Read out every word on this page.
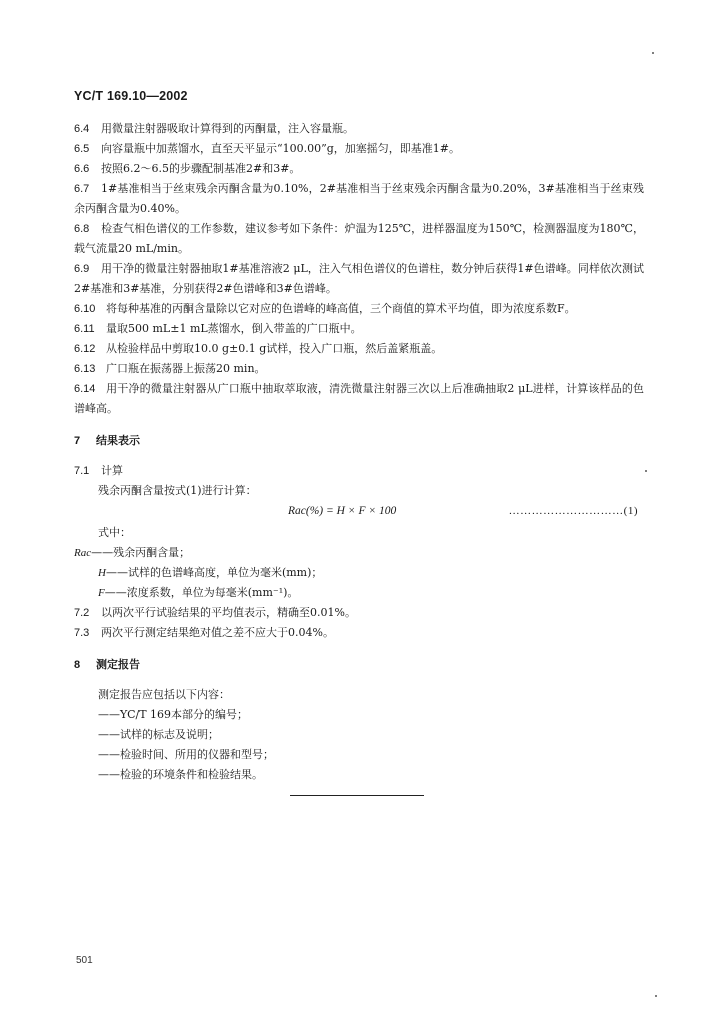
YC/T 169.10—2002

6.4 用微量注射器吸取计算得到的丙酮量，注入容量瓶。

6.5 向容量瓶中加蒸馏水，直至天平显示“100.00”g，加塞摇匀，即基准1#。

6.6 按照6.2～6.5的步骤配制基准2#和3#。

6.7 1#基准相当于丝束残余丙酮含量为0.10%，2#基准相当于丝束残余丙酮含量为0.20%，3#基准相当于丝束残余丙酮含量为0.40%。

6.8 检查气相色谱仪的工作参数，建议参考如下条件：炉温为125℃，进样器温度为150℃，检测器温度为180℃，载气流量20 mL/min。

6.9 用干净的微量注射器抽取1#基准溶液2 μL，注入气相色谱仪的色谱柱，数分钟后获得1#色谱峰。同样依次测试2#基准和3#基准，分别获得2#色谱峰和3#色谱峰。

6.10 将每种基准的丙酮含量除以它对应的色谱峰的峰高值，三个商值的算术平均值，即为浓度系数F。

6.11 量取500 mL±1 mL蒸馏水，倒入带盖的广口瓶中。

6.12 从检验样品中剪取10.0 g±0.1 g试样，投入广口瓶，然后盖紧瓶盖。

6.13 广口瓶在振荡器上振荡20 min。

6.14 用干净的微量注射器从广口瓶中抽取萃取液，清洗微量注射器三次以上后准确抽取2 μL进样，计算该样品的色谱峰高。

7 结果表示

7.1 计算

残余丙酮含量按式(1)进行计算：

Rac(%) = H × F × 100	…………………………(1)

式中：

Rac——残余丙酮含量；

H——试样的色谱峰高度，单位为毫米(mm)；

F——浓度系数，单位为每毫米(mm⁻¹)。

7.2 以两次平行试验结果的平均值表示，精确至0.01%。

7.3 两次平行测定结果绝对值之差不应大于0.04%。

8 测定报告

测定报告应包括以下内容：

——YC/T 169本部分的编号；

——试样的标志及说明；

——检验时间、所用的仪器和型号；

——检验的环境条件和检验结果。

501
